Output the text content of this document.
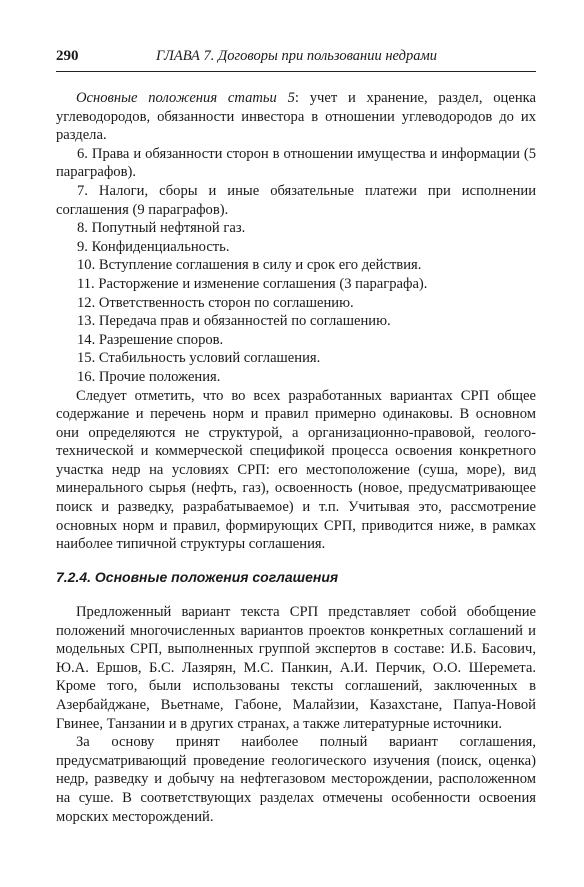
290	ГЛАВА 7. Договоры при пользовании недрами

Основные положения статьи 5: учет и хранение, раздел, оценка углеводородов, обязанности инвестора в отношении углеводородов до их раздела.

6. Права и обязанности сторон в отношении имущества и информации (5 параграфов).

7. Налоги, сборы и иные обязательные платежи при исполнении соглашения (9 параграфов).

8. Попутный нефтяной газ.

9. Конфиденциальность.

10. Вступление соглашения в силу и срок его действия.

11. Расторжение и изменение соглашения (3 параграфа).

12. Ответственность сторон по соглашению.

13. Передача прав и обязанностей по соглашению.

14. Разрешение споров.

15. Стабильность условий соглашения.

16. Прочие положения.

Следует отметить, что во всех разработанных вариантах СРП общее содержание и перечень норм и правил примерно одинаковы. В основном они определяются не структурой, а организационно-правовой, геолого-технической и коммерческой спецификой процесса освоения конкретного участка недр на условиях СРП: его местоположение (суша, море), вид минерального сырья (нефть, газ), освоенность (новое, предусматривающее поиск и разведку, разрабатываемое) и т.п. Учитывая это, рассмотрение основных норм и правил, формирующих СРП, приводится ниже, в рамках наиболее типичной структуры соглашения.

7.2.4. Основные положения соглашения

Предложенный вариант текста СРП представляет собой обобщение положений многочисленных вариантов проектов конкретных соглашений и модельных СРП, выполненных группой экспертов в составе: И.Б. Басович, Ю.А. Ершов, Б.С. Лазярян, М.С. Панкин, А.И. Перчик, О.О. Шеремета. Кроме того, были использованы тексты соглашений, заключенных в Азербайджане, Вьетнаме, Габоне, Малайзии, Казахстане, Папуа-Новой Гвинее, Танзании и в других странах, а также литературные источники.

За основу принят наиболее полный вариант соглашения, предусматривающий проведение геологического изучения (поиск, оценка) недр, разведку и добычу на нефтегазовом месторождении, расположенном на суше. В соответствующих разделах отмечены особенности освоения морских месторождений.
